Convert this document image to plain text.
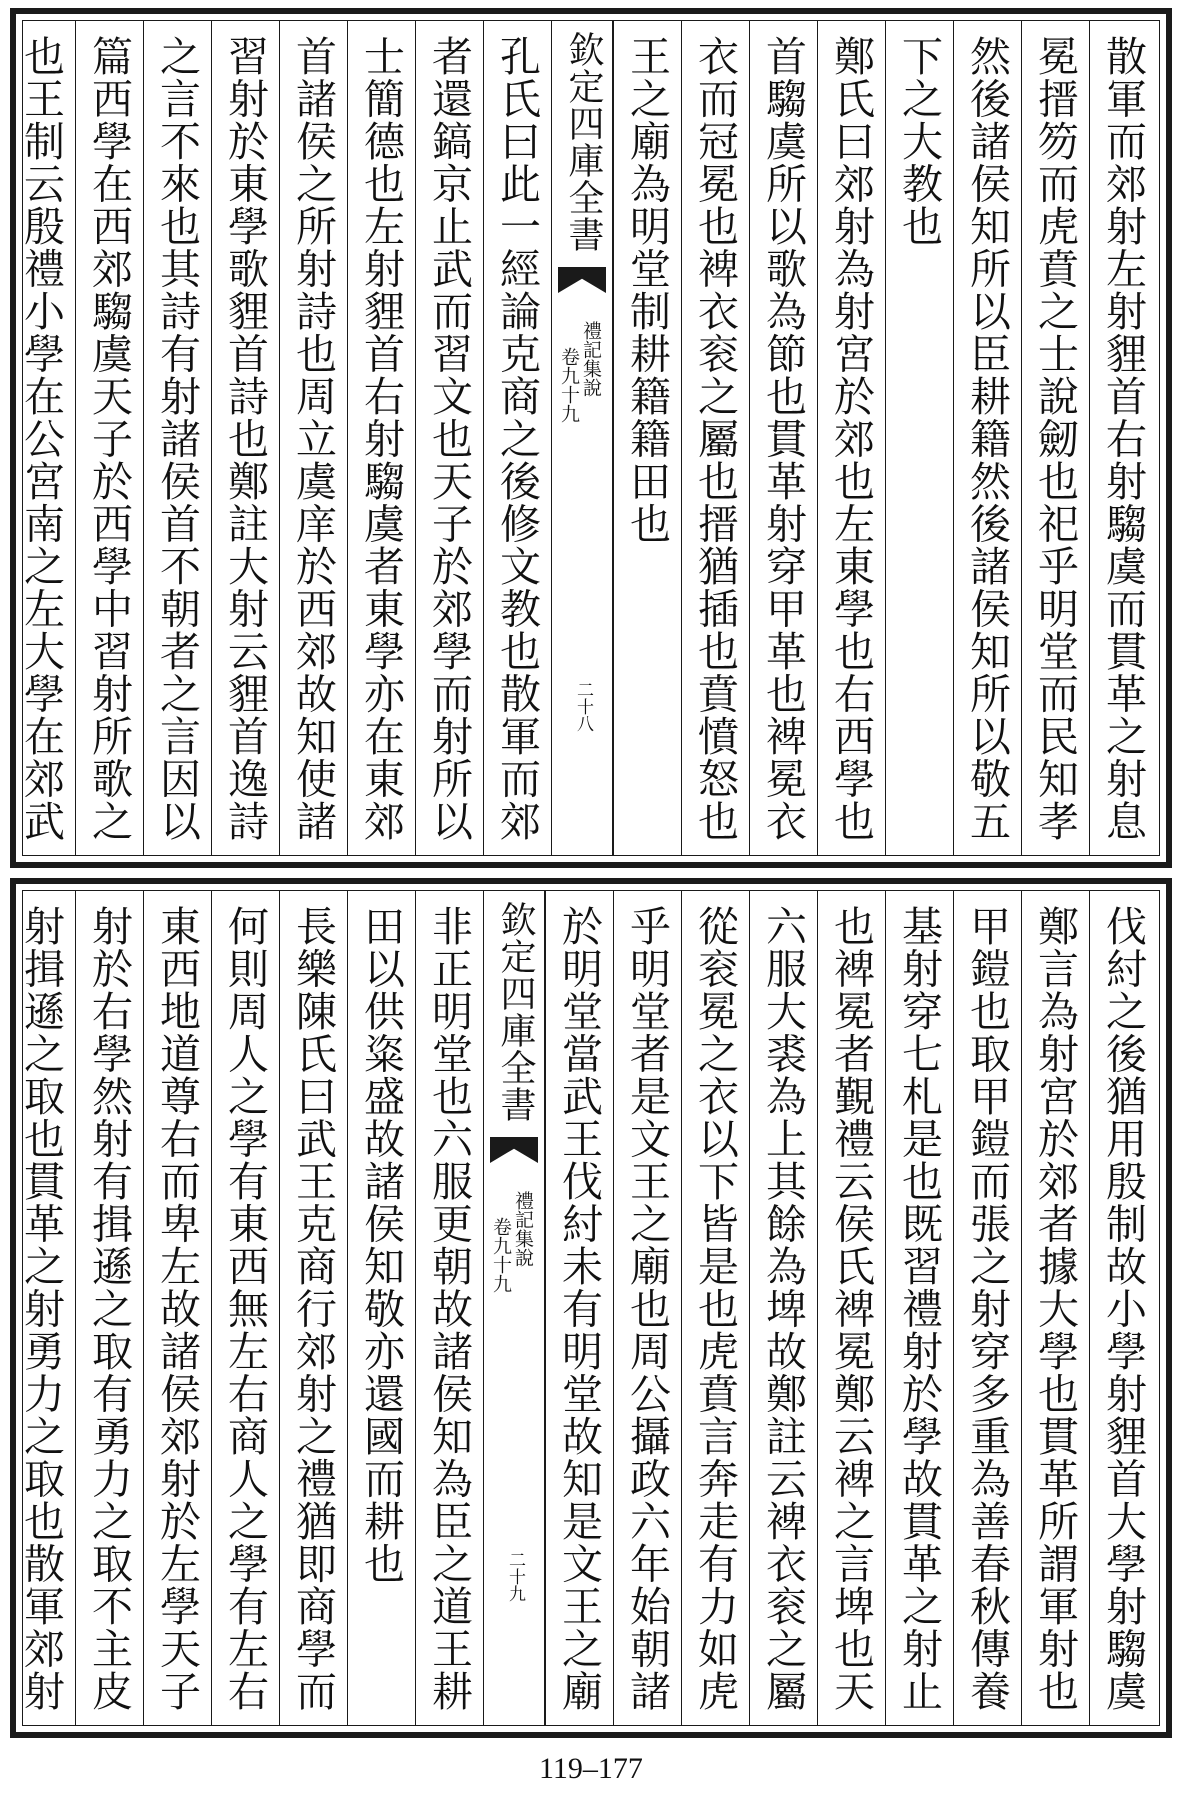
散軍而郊射左射貍首右射騶虞而貫革之射息
冕搢笏而虎賁之士說劒也祀乎明堂而民知孝
然後諸侯知所以臣耕籍然後諸侯知所以敬五
下之大教也
鄭氏曰郊射為射宮於郊也左東學也右西學也
首騶虞所以歌為節也貫革射穿甲革也裨冕衣
衣而冠冕也裨衣衮之屬也搢猶插也賁憤怒也
王之廟為明堂制耕籍籍田也
欽定四庫全書
禮記集說
卷九十九
二十八
孔氏曰此一經論克商之後修文教也散軍而郊
者還鎬京止武而習文也天子於郊學而射所以
士簡德也左射貍首右射騶虞者東學亦在東郊
首諸侯之所射詩也周立虞庠於西郊故知使諸
習射於東學歌貍首詩也鄭註大射云貍首逸詩
之言不來也其詩有射諸侯首不朝者之言因以
篇西學在西郊騶虞天子於西學中習射所歌之
也王制云殷禮小學在公宮南之左大學在郊武
伐紂之後猶用殷制故小學射貍首大學射騶虞
鄭言為射宮於郊者據大學也貫革所謂軍射也
甲鎧也取甲鎧而張之射穿多重為善春秋傳養
基射穿七札是也既習禮射於學故貫革之射止
也裨冕者覲禮云侯氏裨冕鄭云裨之言埤也天
六服大裘為上其餘為埤故鄭註云裨衣衮之屬
從衮冕之衣以下皆是也虎賁言奔走有力如虎
乎明堂者是文王之廟也周公攝政六年始朝諸
於明堂當武王伐紂未有明堂故知是文王之廟
欽定四庫全書
禮記集說
卷九十九
二十九
非正明堂也六服更朝故諸侯知為臣之道王耕
田以供粢盛故諸侯知敬亦還國而耕也
長樂陳氏曰武王克商行郊射之禮猶即商學而
何則周人之學有東西無左右商人之學有左右
東西地道尊右而卑左故諸侯郊射於左學天子
射於右學然射有揖遜之取有勇力之取不主皮
射揖遜之取也貫革之射勇力之取也散軍郊射
119–177
